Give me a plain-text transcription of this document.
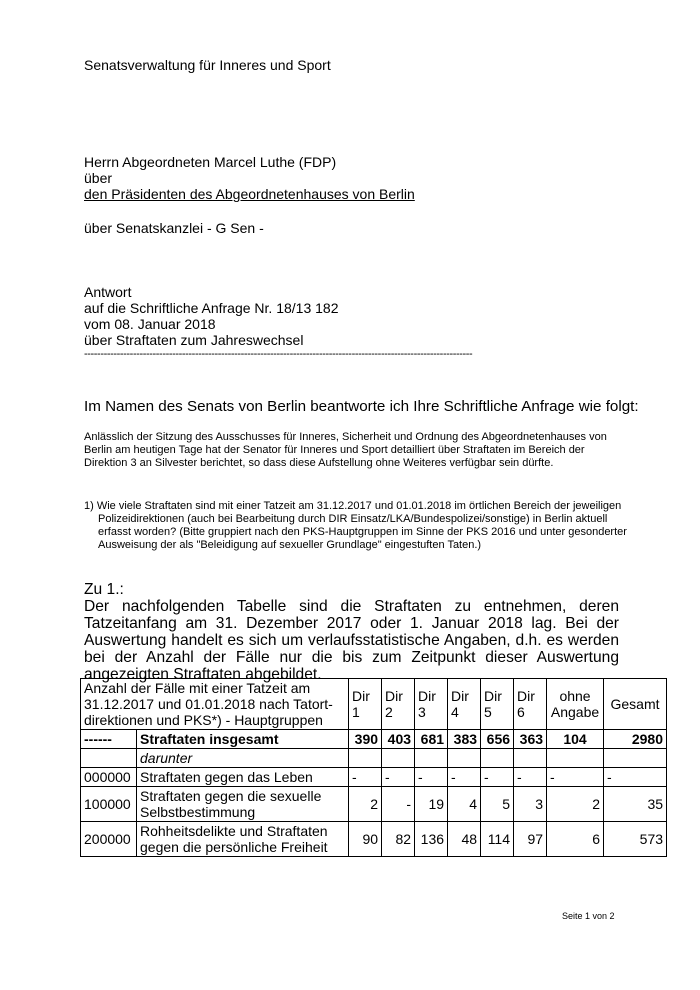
Senatsverwaltung für Inneres und Sport

Herrn Abgeordneten Marcel Luthe (FDP)

über

den Präsidenten des Abgeordnetenhauses von Berlin

über Senatskanzlei - G Sen -

Antwort

auf die Schriftliche Anfrage Nr. 18/13 182

vom 08. Januar 2018

über Straftaten zum Jahreswechsel

-----------------------------------------------------------------------------------------------------------------------

Im Namen des Senats von Berlin beantworte ich Ihre Schriftliche Anfrage wie folgt:

Anlässlich der Sitzung des Ausschusses für Inneres, Sicherheit und Ordnung des Abgeordnetenhauses von Berlin am heutigen Tage hat der Senator für Inneres und Sport detailliert über Straftaten im Bereich der Direktion 3 an Silvester berichtet, so dass diese Aufstellung ohne Weiteres verfügbar sein dürfte.

1) Wie viele Straftaten sind mit einer Tatzeit am 31.12.2017 und 01.01.2018 im örtlichen Bereich der jeweiligen Polizeidirektionen (auch bei Bearbeitung durch DIR Einsatz/LKA/Bundespolizei/sonstige) in Berlin aktuell erfasst worden? (Bitte gruppiert nach den PKS-Hauptgruppen im Sinne der PKS 2016 und unter gesonderter Ausweisung der als "Beleidigung auf sexueller Grundlage" eingestuften Taten.)

Zu 1.:

Der nachfolgenden Tabelle sind die Straftaten zu entnehmen, deren Tatzeitanfang am 31. Dezember 2017 oder 1. Januar 2018 lag. Bei der Auswertung handelt es sich um verlaufsstatistische Angaben, d.h. es werden bei der Anzahl der Fälle nur die bis zum Zeitpunkt dieser Auswertung angezeigten Straftaten abgebildet.

Anzahl der Fälle mit einer Tatzeit am 31.12.2017 und 01.01.2018 nach Tatort-direktionen und PKS*) - Hauptgruppen		Dir 1	Dir 2	Dir 3	Dir 4	Dir 5	Dir 6	ohne Angabe	Gesamt
------	Straftaten insgesamt	390	403	681	383	656	363	104	2980
	darunter								
000000	Straftaten gegen das Leben	-	-	-	-	-	-	-	-
100000	Straftaten gegen die sexuelle Selbstbestimmung	2	-	19	4	5	3	2	35
200000	Rohheitsdelikte und Straftaten gegen die persönliche Freiheit	90	82	136	48	114	97	6	573

Seite 1 von 2
